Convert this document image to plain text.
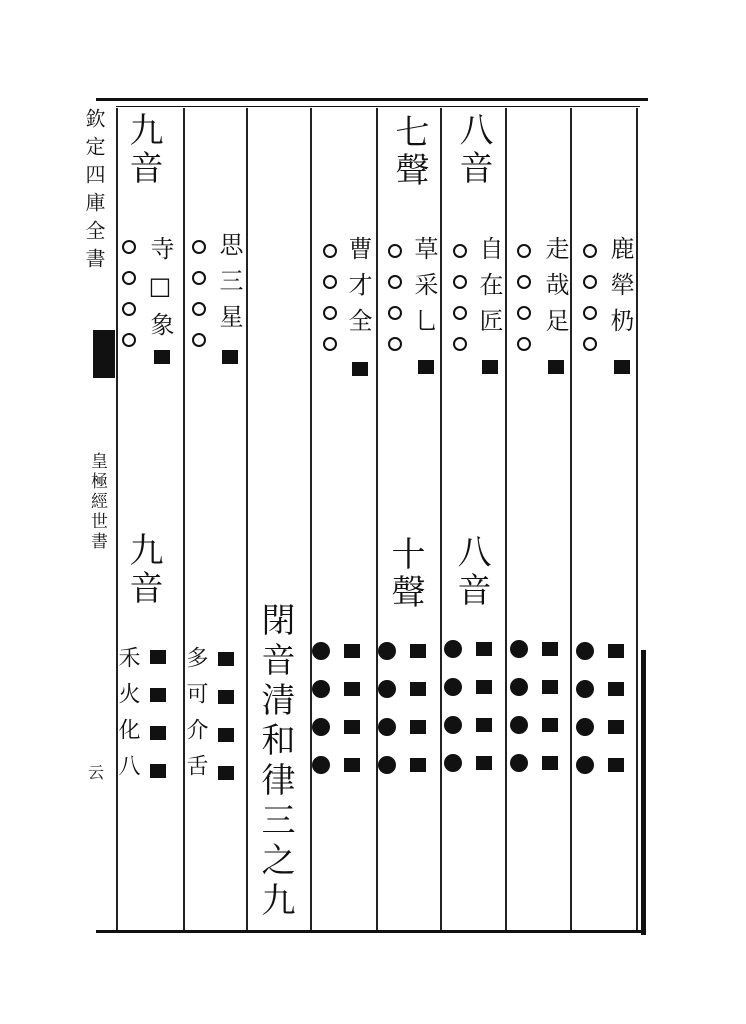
欽定四庫全書
皇極經世書
云
九音
寺□象 思三星	曹才全
七聲
草采乚
八音
自在匠 走哉足 鹿犖㭁
九音
禾火化八 多可介舌 閉音清和律三之九
十聲 八音
